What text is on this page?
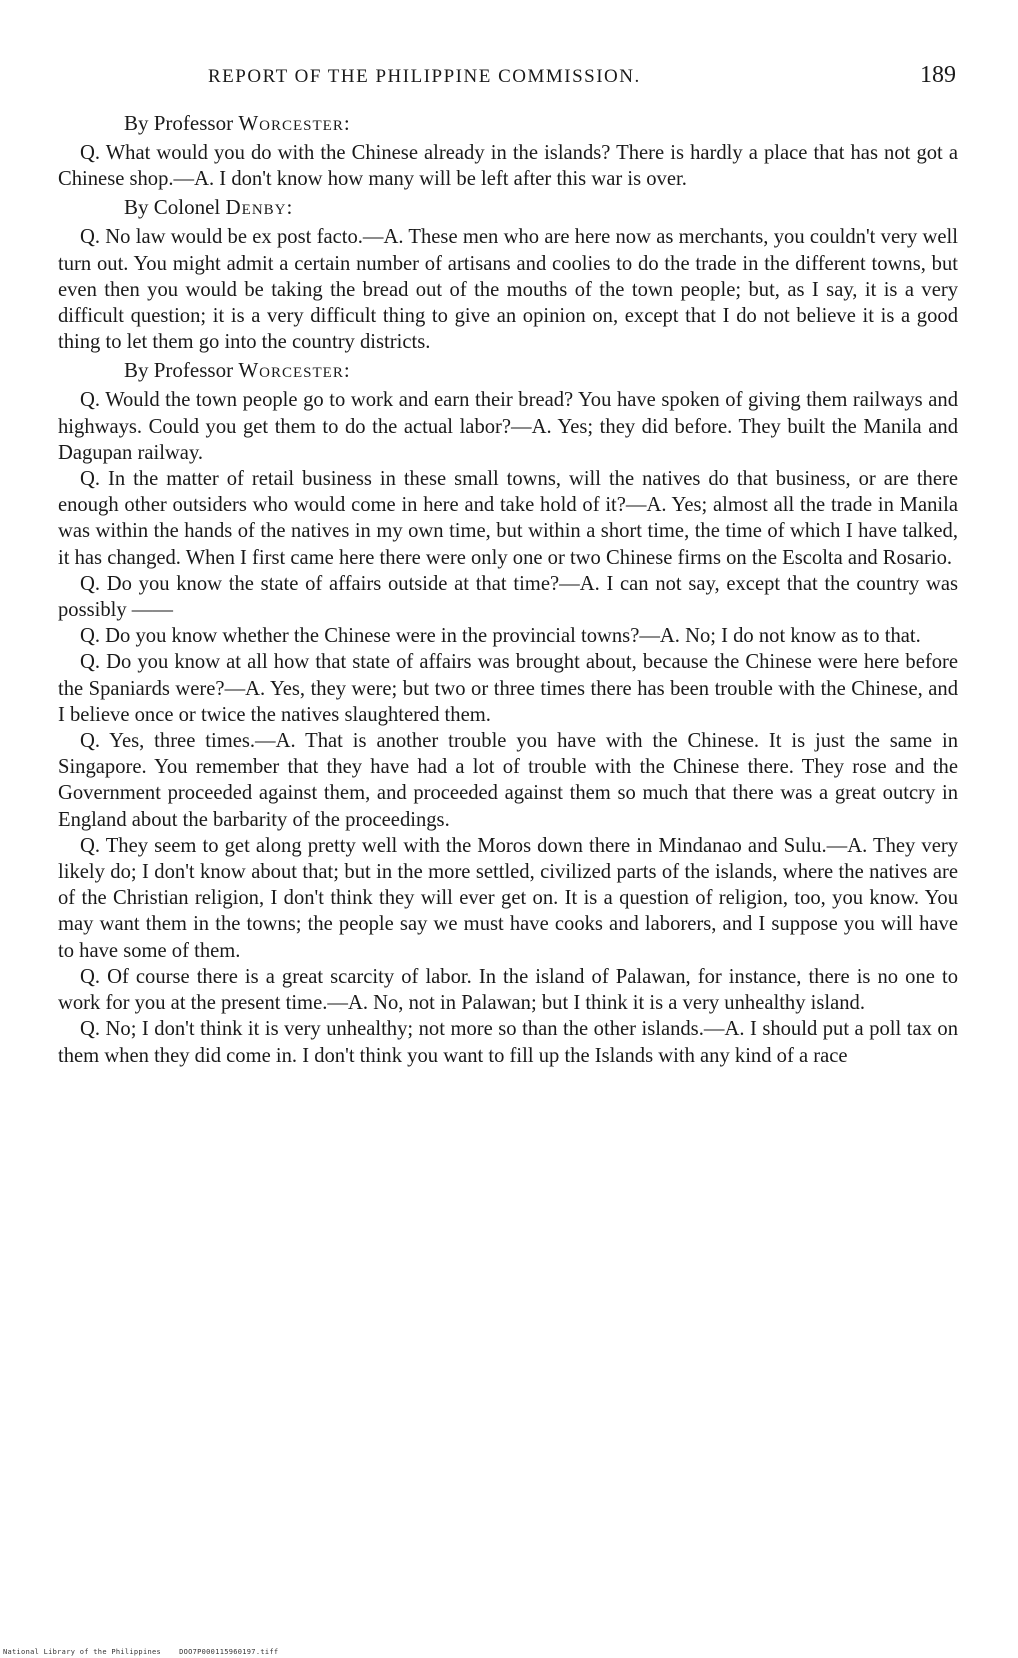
REPORT OF THE PHILIPPINE COMMISSION.	189
By Professor Worcester:

Q. What would you do with the Chinese already in the islands? There is hardly a place that has not got a Chinese shop.—A. I don't know how many will be left after this war is over.

By Colonel Denby:

Q. No law would be ex post facto.—A. These men who are here now as merchants, you couldn't very well turn out. You might admit a certain number of artisans and coolies to do the trade in the different towns, but even then you would be taking the bread out of the mouths of the town people; but, as I say, it is a very difficult question; it is a very difficult thing to give an opinion on, except that I do not believe it is a good thing to let them go into the country districts.

By Professor Worcester:

Q. Would the town people go to work and earn their bread? You have spoken of giving them railways and highways. Could you get them to do the actual labor?—A. Yes; they did before. They built the Manila and Dagupan railway.

Q. In the matter of retail business in these small towns, will the natives do that business, or are there enough other outsiders who would come in here and take hold of it?—A. Yes; almost all the trade in Manila was within the hands of the natives in my own time, but within a short time, the time of which I have talked, it has changed. When I first came here there were only one or two Chinese firms on the Escolta and Rosario.

Q. Do you know the state of affairs outside at that time?—A. I can not say, except that the country was possibly ——

Q. Do you know whether the Chinese were in the provincial towns?—A. No; I do not know as to that.

Q. Do you know at all how that state of affairs was brought about, because the Chinese were here before the Spaniards were?—A. Yes, they were; but two or three times there has been trouble with the Chinese, and I believe once or twice the natives slaughtered them.

Q. Yes, three times.—A. That is another trouble you have with the Chinese. It is just the same in Singapore. You remember that they have had a lot of trouble with the Chinese there. They rose and the Government proceeded against them, and proceeded against them so much that there was a great outcry in England about the barbarity of the proceedings.

Q. They seem to get along pretty well with the Moros down there in Mindanao and Sulu.—A. They very likely do; I don't know about that; but in the more settled, civilized parts of the islands, where the natives are of the Christian religion, I don't think they will ever get on. It is a question of religion, too, you know. You may want them in the towns; the people say we must have cooks and laborers, and I suppose you will have to have some of them.

Q. Of course there is a great scarcity of labor. In the island of Palawan, for instance, there is no one to work for you at the present time.—A. No, not in Palawan; but I think it is a very unhealthy island.

Q. No; I don't think it is very unhealthy; not more so than the other islands.—A. I should put a poll tax on them when they did come in. I don't think you want to fill up the Islands with any kind of a race

National Library of the Philippines	DOO7P000115960197.tiff
